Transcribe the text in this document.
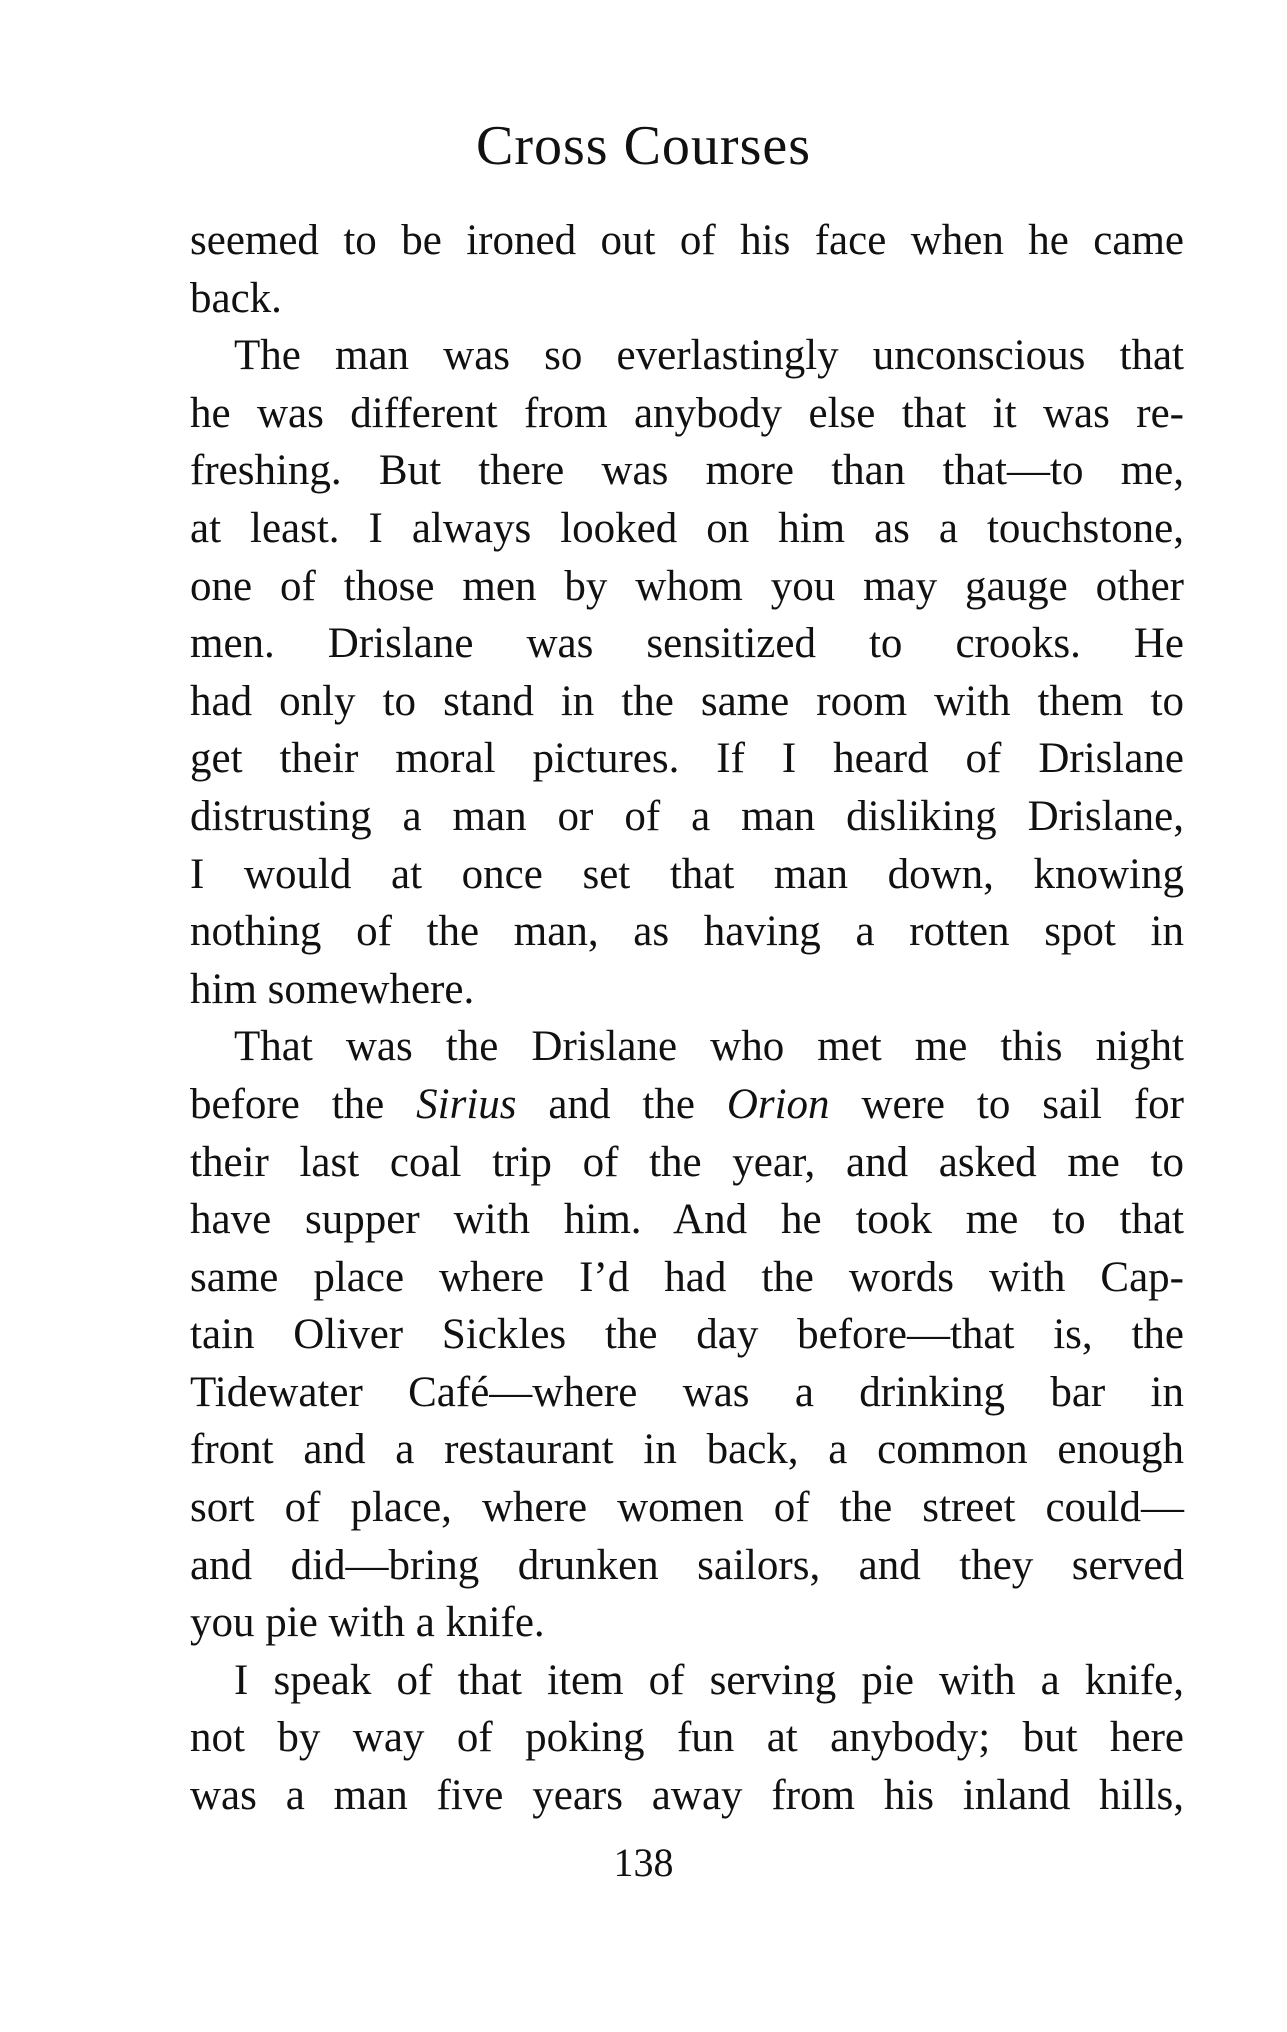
Cross Courses
seemed to be ironed out of his face when he came
back.
The man was so everlastingly unconscious that
he was different from anybody else that it was re-
freshing. But there was more than that—to me,
at least. I always looked on him as a touchstone,
one of those men by whom you may gauge other
men. Drislane was sensitized to crooks. He
had only to stand in the same room with them to
get their moral pictures. If I heard of Drislane
distrusting a man or of a man disliking Drislane,
I would at once set that man down, knowing
nothing of the man, as having a rotten spot in
him somewhere.
That was the Drislane who met me this night
before the Sirius and the Orion were to sail for
their last coal trip of the year, and asked me to
have supper with him. And he took me to that
same place where I’d had the words with Cap-
tain Oliver Sickles the day before—that is, the
Tidewater Café—where was a drinking bar in
front and a restaurant in back, a common enough
sort of place, where women of the street could—
and did—bring drunken sailors, and they served
you pie with a knife.
I speak of that item of serving pie with a knife,
not by way of poking fun at anybody; but here
was a man five years away from his inland hills,
138
